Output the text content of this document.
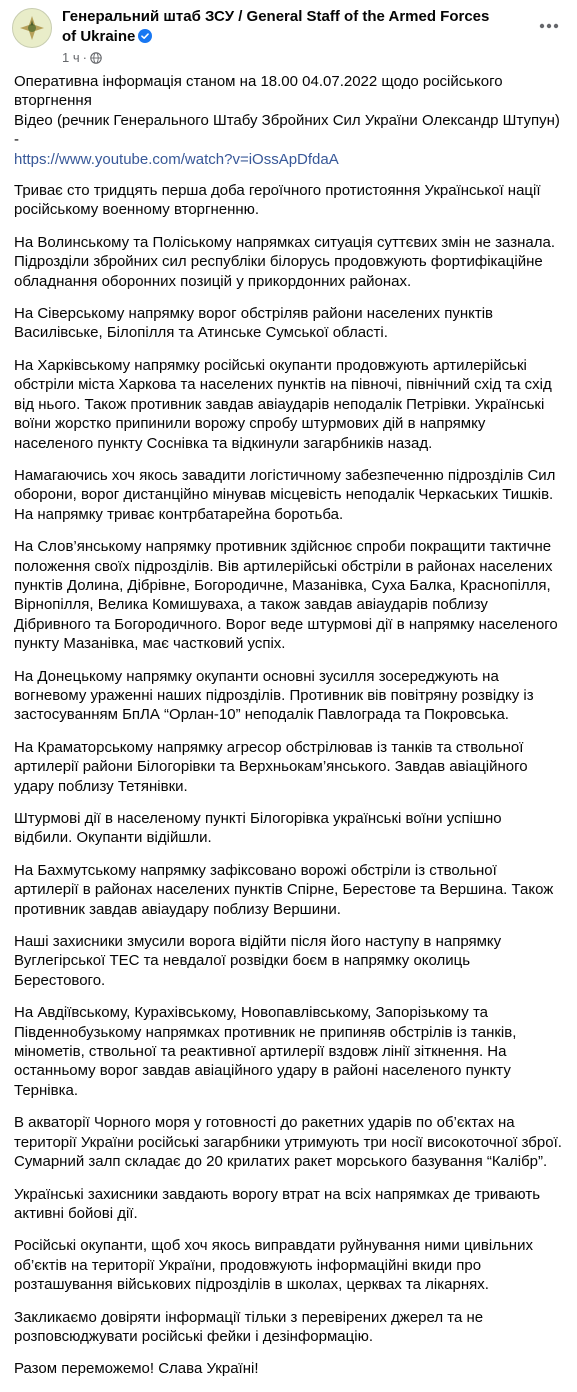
Генеральний штаб ЗСУ / General Staff of the Armed Forces of Ukraine
1 ч ·

Оперативна інформація станом на 18.00 04.07.2022 щодо російського вторгнення
Відео (речник Генерального Штабу Збройних Сил України Олександр Штупун) -
https://www.youtube.com/watch?v=iOssApDfdaA

Триває сто тридцять перша доба героїчного протистояння Української нації російському военному вторгненню.

На Волинському та Поліському напрямках ситуація суттєвих змін не зазнала. Підрозділи збройних сил республіки білорусь продовжують фортифікаційне обладнання оборонних позицій у прикордонних районах.

На Сіверському напрямку ворог обстріляв райони населених пунктів Василівське, Білопілля та Атинське Сумської області.

На Харківському напрямку російські окупанти продовжують артилерійські обстріли міста Харкова та населених пунктів на півночі, північний схід та схід від нього. Також противник завдав авіаударів неподалік Петрівки. Українські воїни жорстко припинили ворожу спробу штурмових дій в напрямку населеного пункту Соснівка та відкинули загарбників назад.

Намагаючись хоч якось завадити логістичному забезпеченню підрозділів Сил оборони, ворог дистанційно мінував місцевість неподалік Черкаських Тишків. На напрямку триває контрбатарейна боротьба.

На Слов’янському напрямку противник здійснює спроби покращити тактичне положення своїх підрозділів. Вів артилерійські обстріли в районах населених пунктів Долина, Дібрівне, Богородичне, Мазанівка, Суха Балка, Краснопілля, Вірнопілля, Велика Комишуваха, а також завдав авіаударів поблизу Дібривного та Богородичного. Ворог веде штурмові дії в напрямку населеного пункту Мазанівка, має частковий успіх.

На Донецькому напрямку окупанти основні зусилля зосереджують на вогневому ураженні наших підрозділів. Противник вів повітряну розвідку із застосуванням БпЛА “Орлан-10” неподалік Павлограда та Покровська.

На Краматорському напрямку агресор обстрілював із танків та ствольної артилерії райони Білогорівки та Верхньокам’янського. Завдав авіаційного удару поблизу Тетянівки.

Штурмові дії в населеному пункті Білогорівка українські воїни успішно відбили. Окупанти відійшли.

На Бахмутському напрямку зафіксовано ворожі обстріли із ствольної артилерії в районах населених пунктів Спірне, Берестове та Вершина. Також противник завдав авіаудару поблизу Вершини.

Наші захисники змусили ворога відійти після його наступу в напрямку Вуглегірської ТЕС та невдалої розвідки боєм в напрямку околиць Берестового.

На Авдіївському, Курахівському, Новопавлівському, Запорізькому та Південнобузькому напрямках противник не припиняв обстрілів із танків, мінометів, ствольної та реактивної артилерії вздовж лінії зіткнення. На останньому ворог завдав авіаційного удару в районі населеного пункту Тернівка.

В акваторії Чорного моря у готовності до ракетних ударів по об’єктах на території України російські загарбники утримують три носії високоточної зброї. Сумарний залп складає до 20 крилатих ракет морського базування “Калібр”.

Українські захисники завдають ворогу втрат на всіх напрямках де тривають активні бойові дії.

Російські окупанти, щоб хоч якось виправдати руйнування ними цивільних об’єктів на території України, продовжують інформаційні вкиди про розташування військових підрозділів в школах, церквах та лікарнях.

Закликаємо довіряти інформації тільки з перевірених джерел та не розповсюджувати російські фейки і дезінформацію.

Разом переможемо! Слава Україні!
